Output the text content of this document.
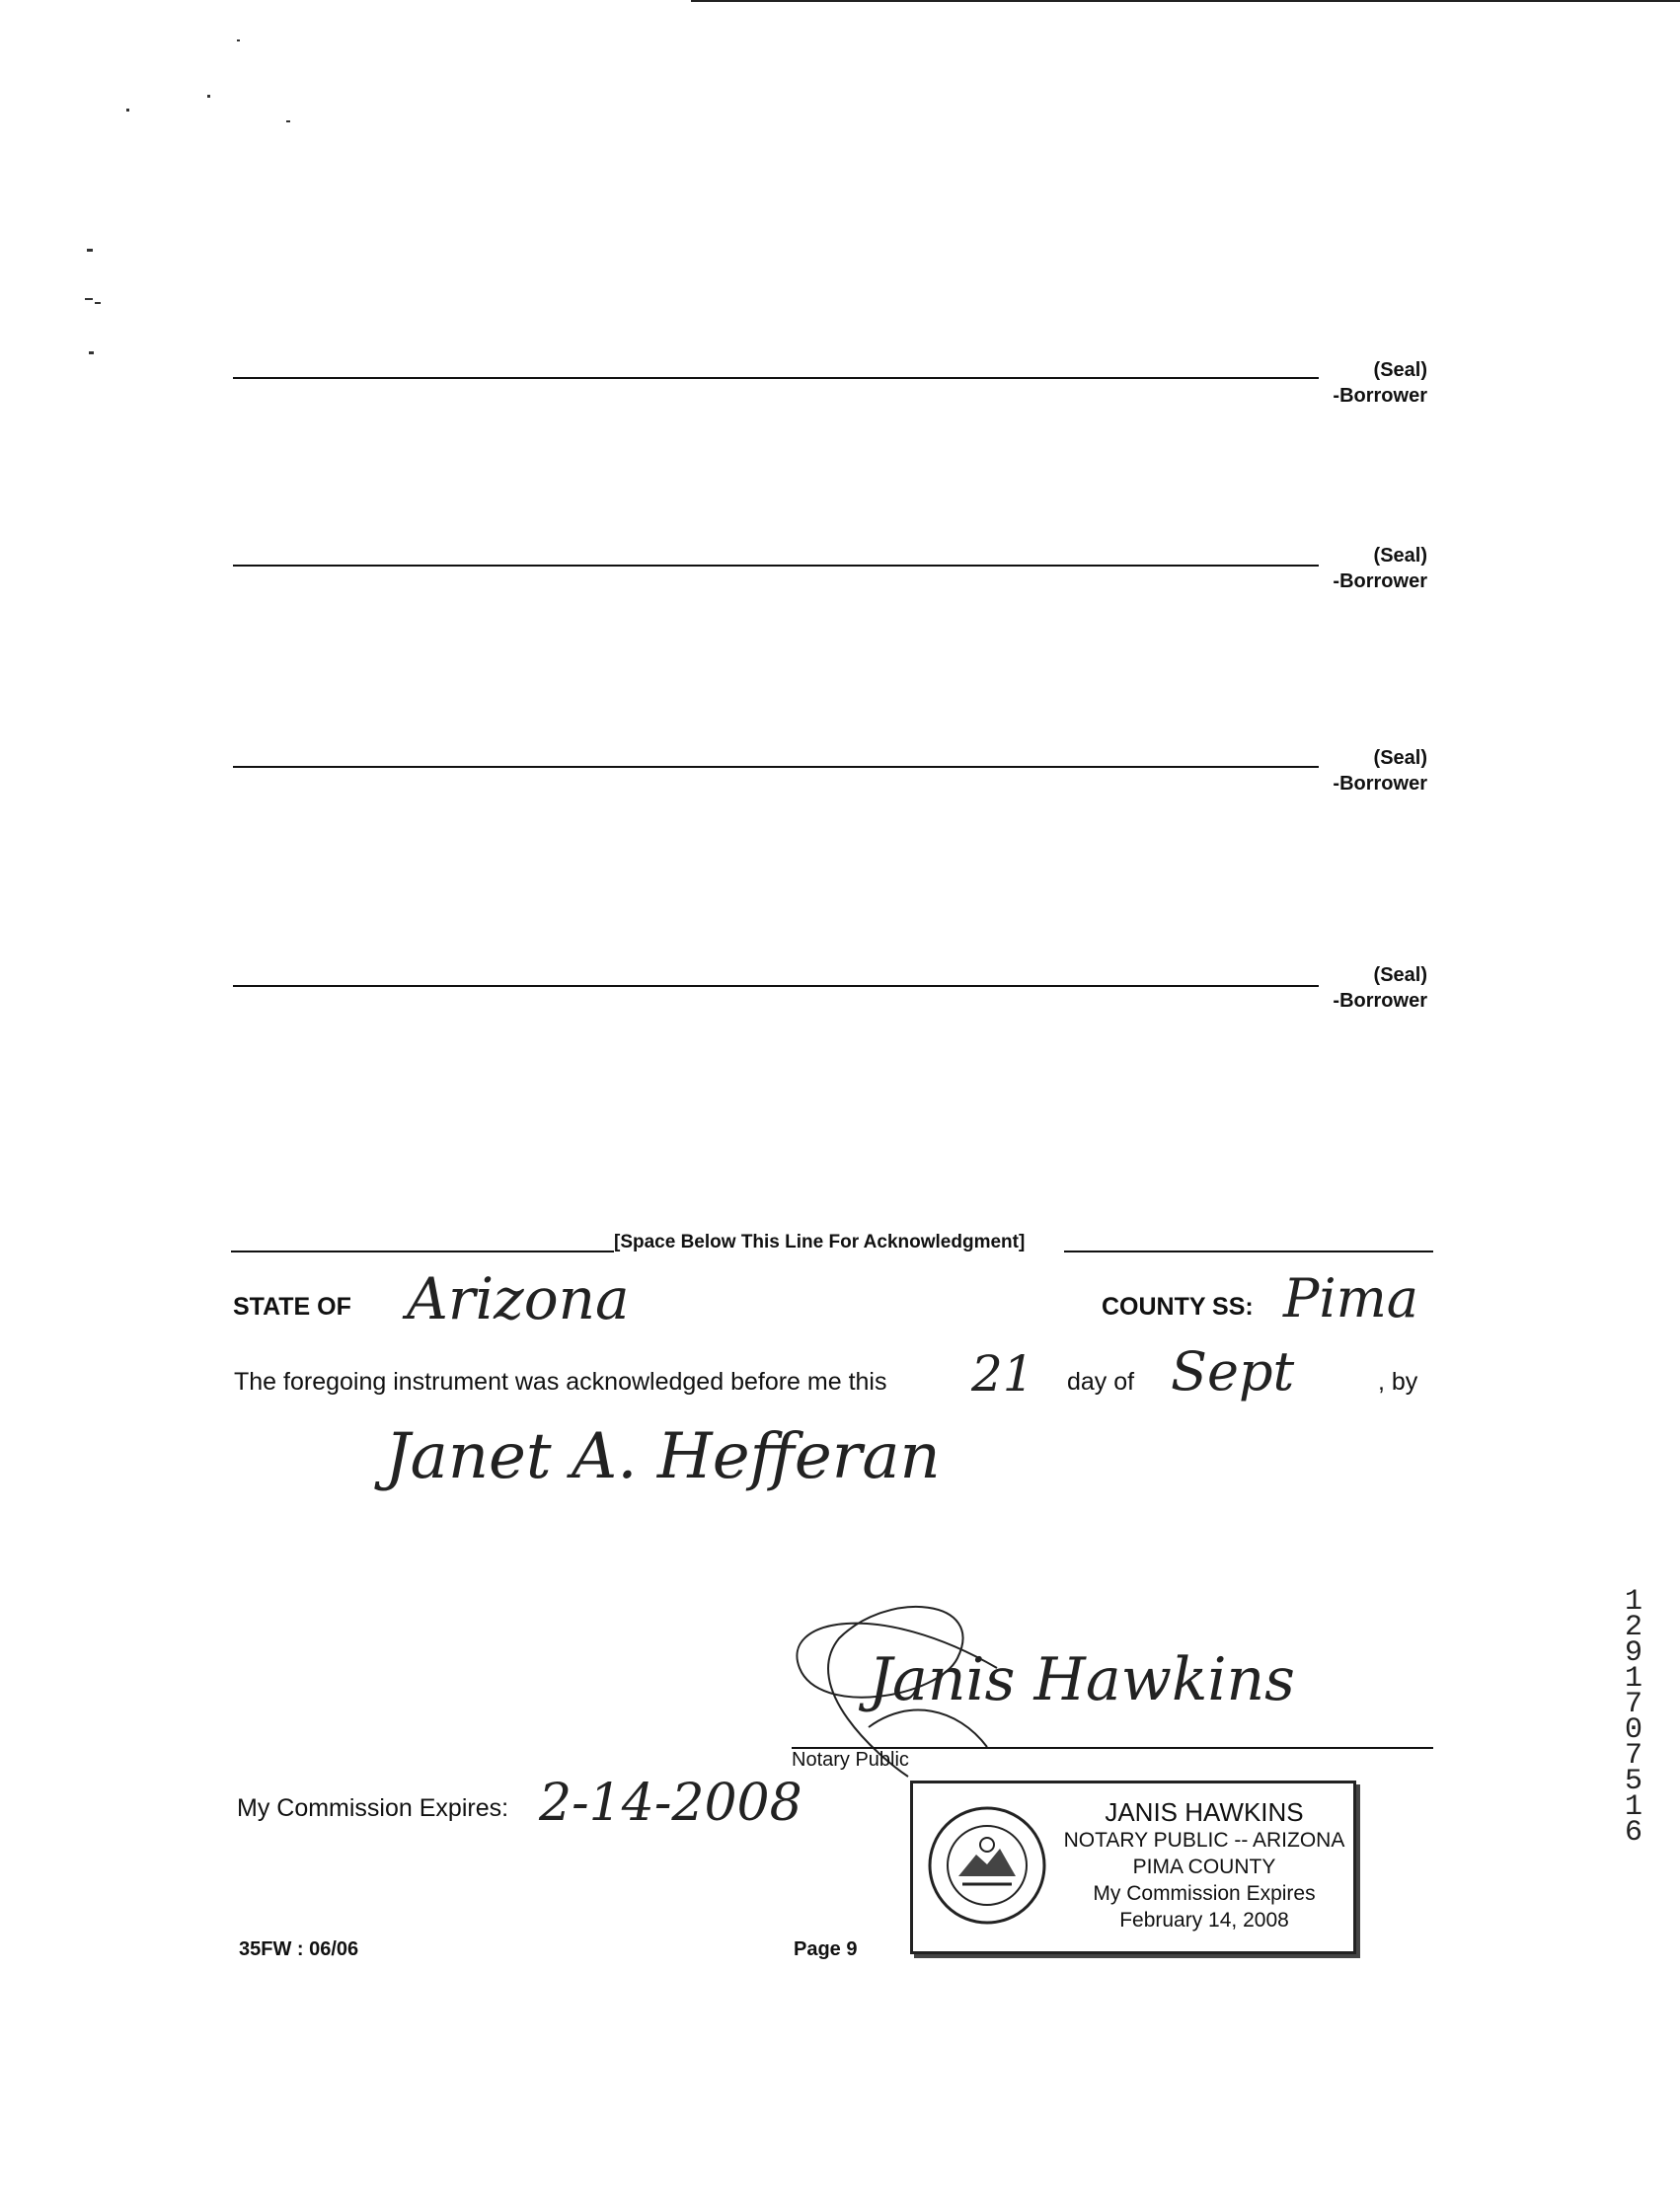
(Seal)
-Borrower
(Seal)
-Borrower
(Seal)
-Borrower
(Seal)
-Borrower
[Space Below This Line For Acknowledgment]
STATE OF Arizona	COUNTY SS: Pima
The foregoing instrument was acknowledged before me this 21 day of Sept	, by
Janet A. Hefferan
Janis Hawkins
Notary Public
My Commission Expires: 2-14-2008	JANIS HAWKINS
NOTARY PUBLIC -- ARIZONA
PIMA COUNTY
My Commission Expires
February 14, 2008
35FW : 06/06	Page 9
12917 07516
